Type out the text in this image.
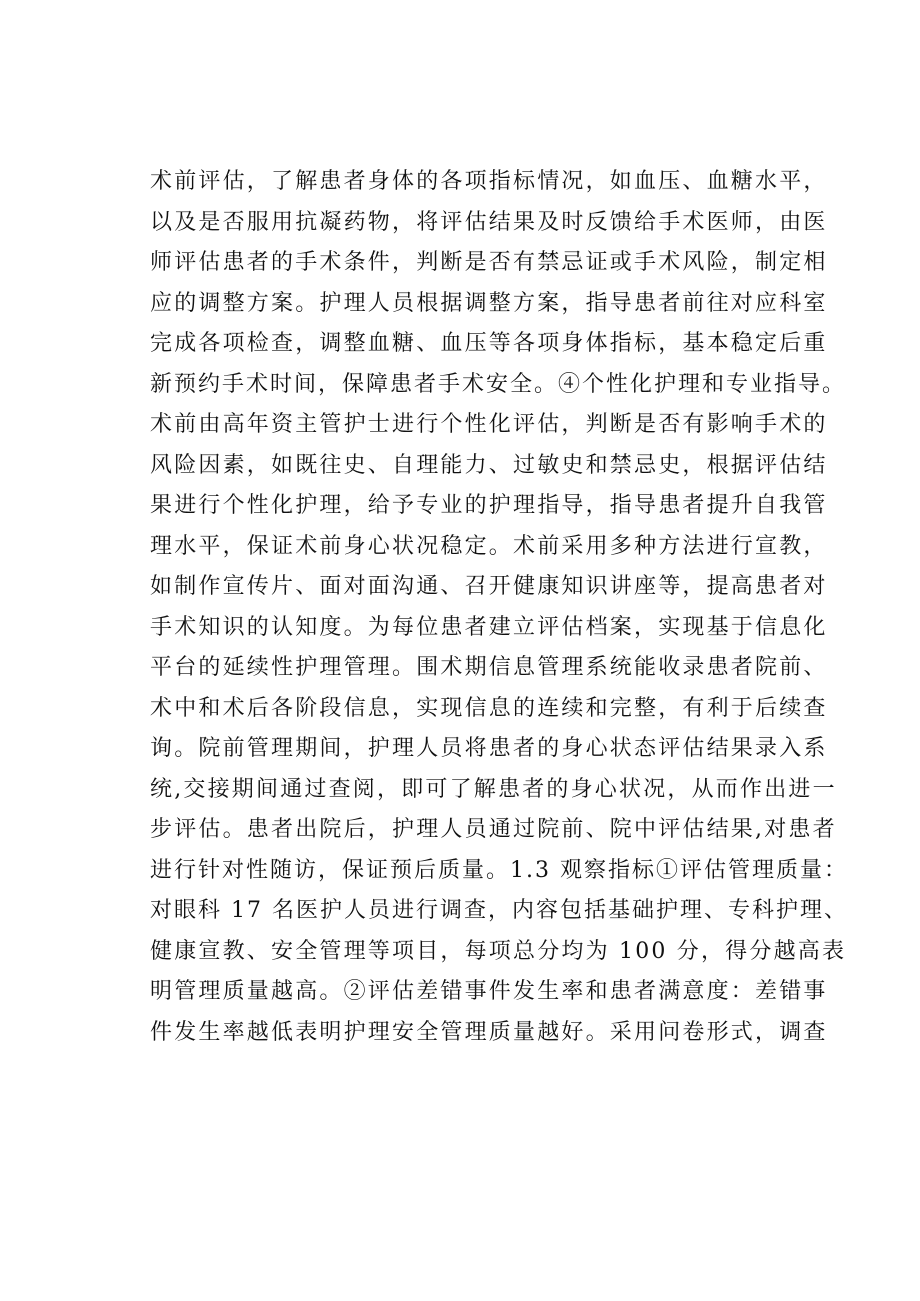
术前评估，了解患者身体的各项指标情况，如血压、血糖水平，
以及是否服用抗凝药物，将评估结果及时反馈给手术医师，由医
师评估患者的手术条件，判断是否有禁忌证或手术风险，制定相
应的调整方案。护理人员根据调整方案，指导患者前往对应科室
完成各项检查，调整血糖、血压等各项身体指标，基本稳定后重
新预约手术时间，保障患者手术安全。④个性化护理和专业指导。
术前由高年资主管护士进行个性化评估，判断是否有影响手术的
风险因素，如既往史、自理能力、过敏史和禁忌史，根据评估结
果进行个性化护理，给予专业的护理指导，指导患者提升自我管
理水平，保证术前身心状况稳定。术前采用多种方法进行宣教，
如制作宣传片、面对面沟通、召开健康知识讲座等，提高患者对
手术知识的认知度。为每位患者建立评估档案，实现基于信息化
平台的延续性护理管理。围术期信息管理系统能收录患者院前、
术中和术后各阶段信息，实现信息的连续和完整，有利于后续查
询。院前管理期间，护理人员将患者的身心状态评估结果录入系
统,交接期间通过查阅，即可了解患者的身心状况，从而作出进一
步评估。患者出院后，护理人员通过院前、院中评估结果,对患者
进行针对性随访，保证预后质量。1.3 观察指标①评估管理质量：
对眼科 17 名医护人员进行调查，内容包括基础护理、专科护理、
健康宣教、安全管理等项目，每项总分均为 100 分，得分越高表
明管理质量越高。②评估差错事件发生率和患者满意度：差错事
件发生率越低表明护理安全管理质量越好。采用问卷形式，调查
